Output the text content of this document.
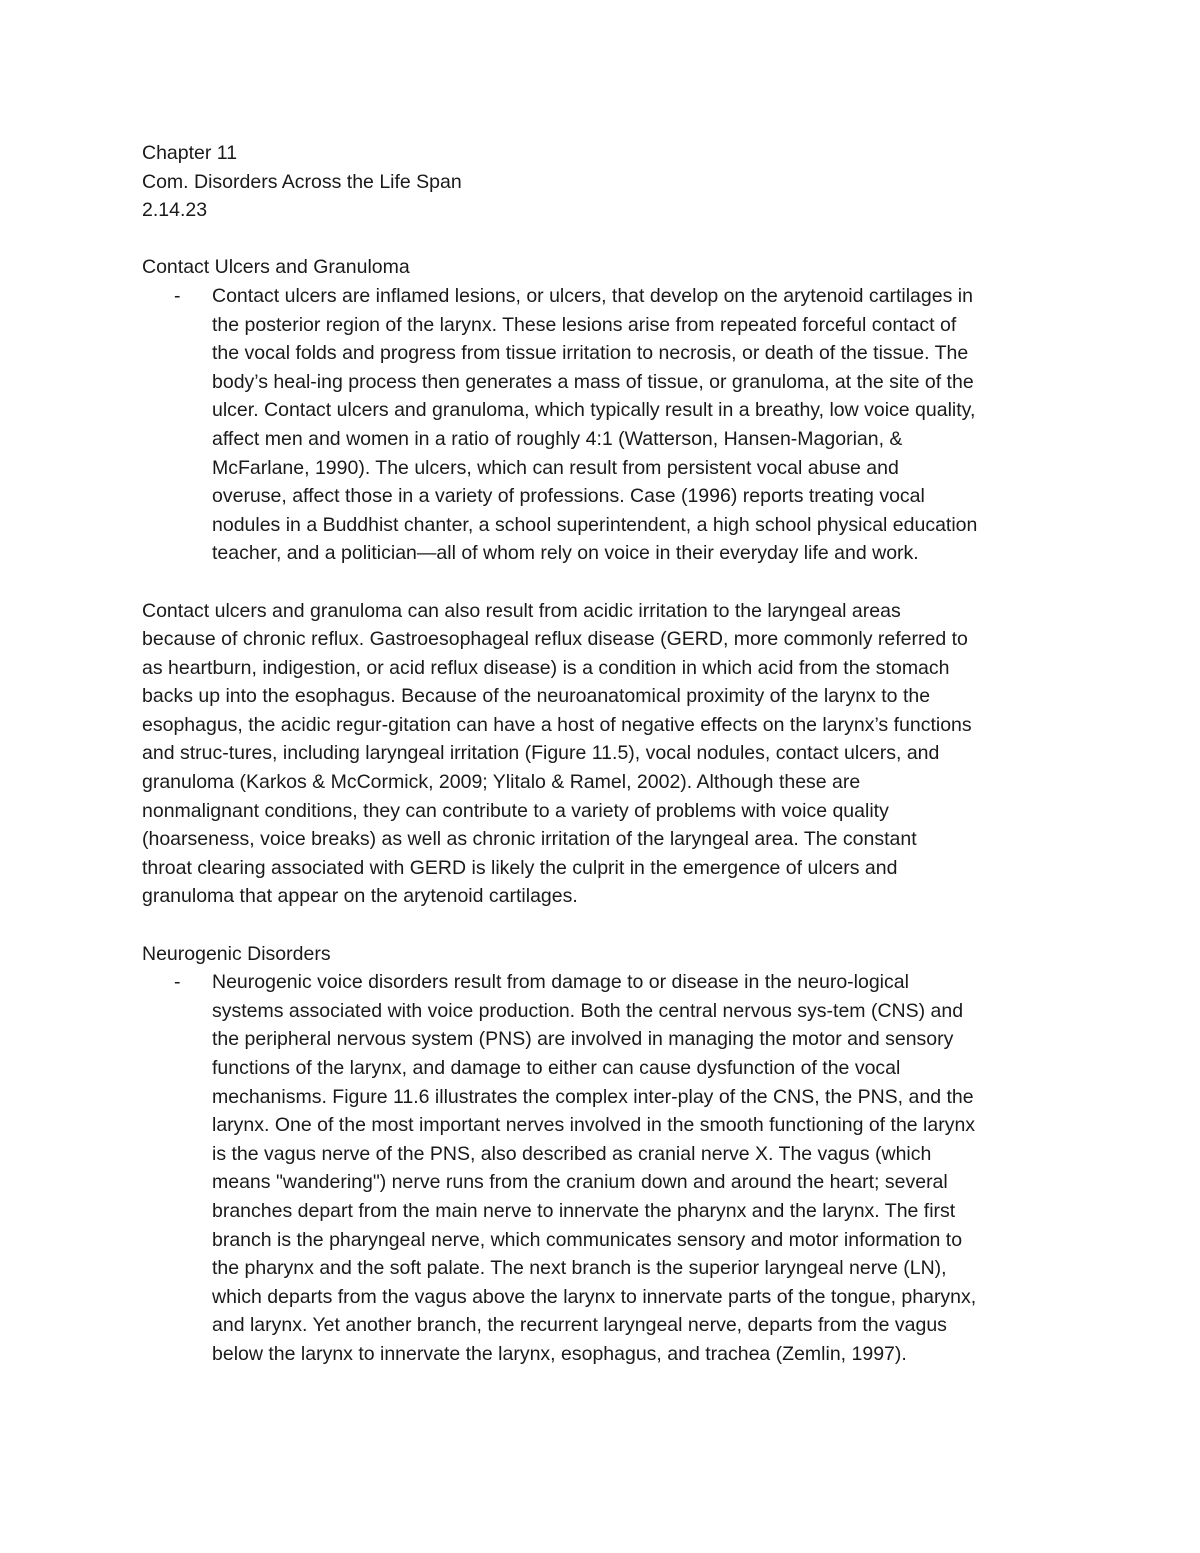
Chapter 11
Com. Disorders Across the Life Span
2.14.23
Contact Ulcers and Granuloma
- Contact ulcers are inflamed lesions, or ulcers, that develop on the arytenoid cartilages in
the posterior region of the larynx. These lesions arise from repeated forceful contact of
the vocal folds and progress from tissue irritation to necrosis, or death of the tissue. The
body’s heal-ing process then generates a mass of tissue, or granuloma, at the site of the
ulcer. Contact ulcers and granuloma, which typically result in a breathy, low voice quality,
affect men and women in a ratio of roughly 4:1 (Watterson, Hansen-Magorian, &
McFarlane, 1990). The ulcers, which can result from persistent vocal abuse and
overuse, affect those in a variety of professions. Case (1996) reports treating vocal
nodules in a Buddhist chanter, a school superintendent, a high school physical education
teacher, and a politician—all of whom rely on voice in their everyday life and work.
Contact ulcers and granuloma can also result from acidic irritation to the laryngeal areas
because of chronic reflux. Gastroesophageal reflux disease (GERD, more commonly referred to
as heartburn, indigestion, or acid reflux disease) is a condition in which acid from the stomach
backs up into the esophagus. Because of the neuroanatomical proximity of the larynx to the
esophagus, the acidic regur-gitation can have a host of negative effects on the larynx’s functions
and struc-tures, including laryngeal irritation (Figure 11.5), vocal nodules, contact ulcers, and
granuloma (Karkos & McCormick, 2009; Ylitalo & Ramel, 2002). Although these are
nonmalignant conditions, they can contribute to a variety of problems with voice quality
(hoarseness, voice breaks) as well as chronic irritation of the laryngeal area. The constant
throat clearing associated with GERD is likely the culprit in the emergence of ulcers and
granuloma that appear on the arytenoid cartilages.
Neurogenic Disorders
- Neurogenic voice disorders result from damage to or disease in the neuro-logical
systems associated with voice production. Both the central nervous sys-tem (CNS) and
the peripheral nervous system (PNS) are involved in managing the motor and sensory
functions of the larynx, and damage to either can cause dysfunction of the vocal
mechanisms. Figure 11.6 illustrates the complex inter-play of the CNS, the PNS, and the
larynx. One of the most important nerves involved in the smooth functioning of the larynx
is the vagus nerve of the PNS, also described as cranial nerve X. The vagus (which
means "wandering") nerve runs from the cranium down and around the heart; several
branches depart from the main nerve to innervate the pharynx and the larynx. The first
branch is the pharyngeal nerve, which communicates sensory and motor information to
the pharynx and the soft palate. The next branch is the superior laryngeal nerve (LN),
which departs from the vagus above the larynx to innervate parts of the tongue, pharynx,
and larynx. Yet another branch, the recurrent laryngeal nerve, departs from the vagus
below the larynx to innervate the larynx, esophagus, and trachea (Zemlin, 1997).
